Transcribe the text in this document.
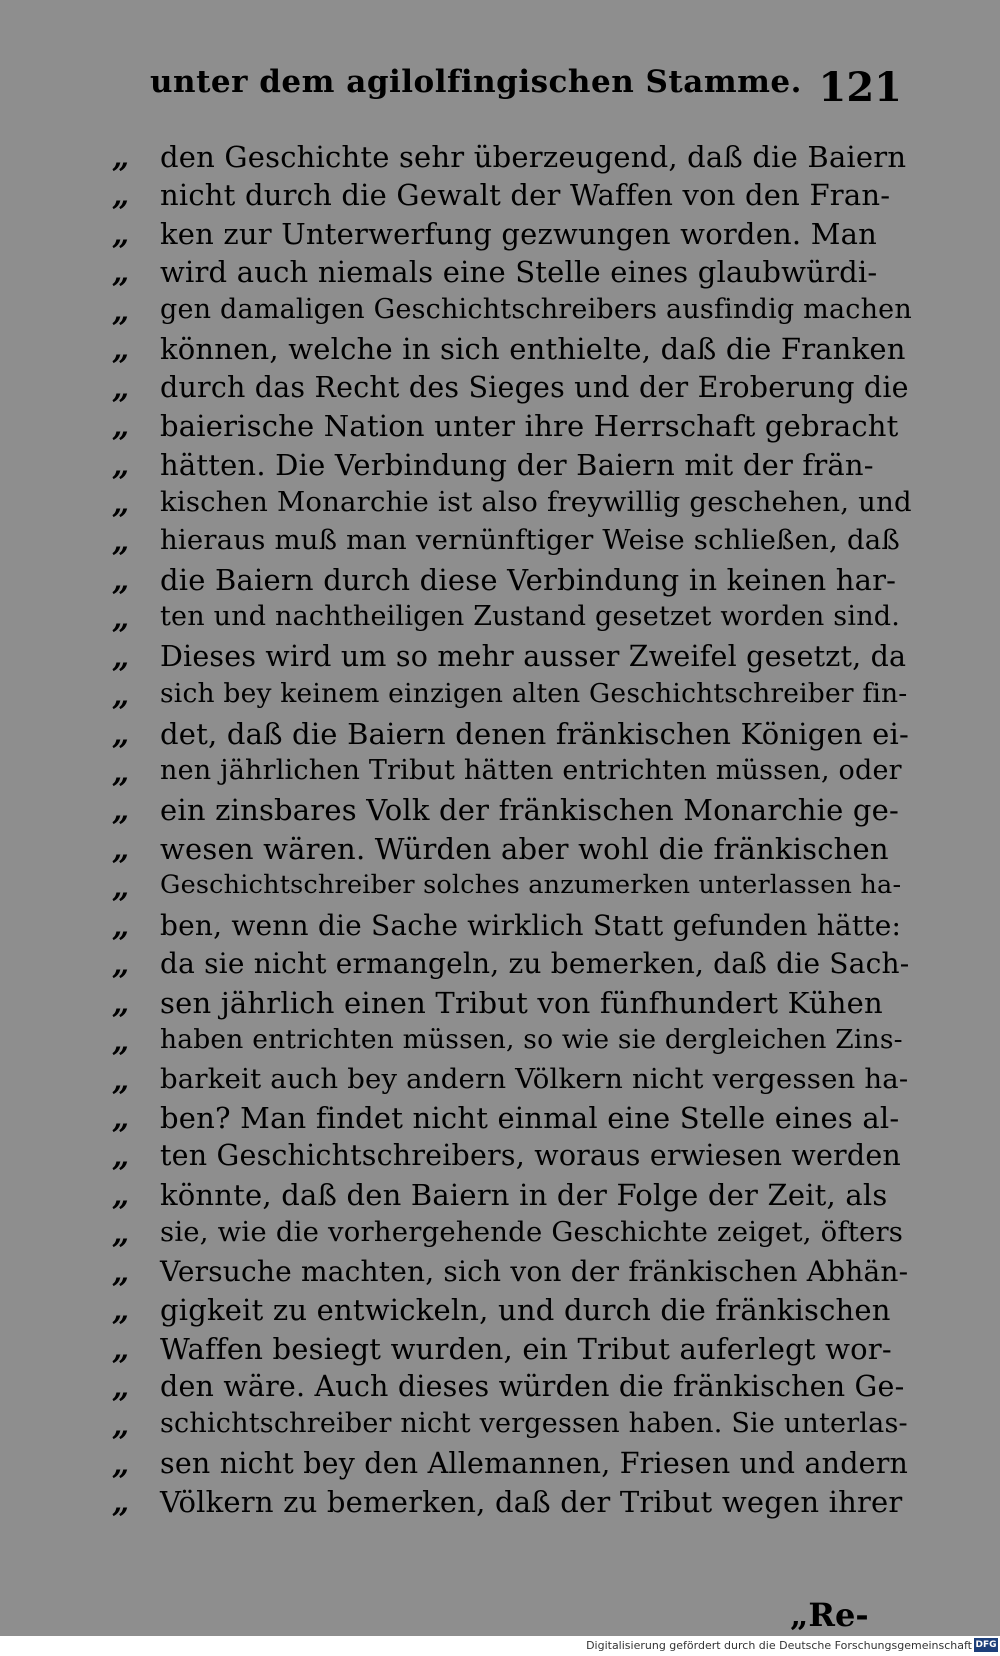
unter dem agilolfingischen Stamme. 121
„	den Geschichte sehr überzeugend, daß die Baiern
„	nicht durch die Gewalt der Waffen von den Fran-
„	ken zur Unterwerfung gezwungen worden. Man
„	wird auch niemals eine Stelle eines glaubwürdi-
„	gen damaligen Geschichtschreibers ausfindig machen
„	können, welche in sich enthielte, daß die Franken
„	durch das Recht des Sieges und der Eroberung die
„	baierische Nation unter ihre Herrschaft gebracht
„	hätten. Die Verbindung der Baiern mit der frän-
„	kischen Monarchie ist also freywillig geschehen, und
„	hieraus muß man vernünftiger Weise schließen, daß
„	die Baiern durch diese Verbindung in keinen har-
„	ten und nachtheiligen Zustand gesetzet worden sind.
„	Dieses wird um so mehr ausser Zweifel gesetzt, da
„	sich bey keinem einzigen alten Geschichtschreiber fin-
„	det, daß die Baiern denen fränkischen Königen ei-
„	nen jährlichen Tribut hätten entrichten müssen, oder
„	ein zinsbares Volk der fränkischen Monarchie ge-
„	wesen wären. Würden aber wohl die fränkischen
„	Geschichtschreiber solches anzumerken unterlassen ha-
„	ben, wenn die Sache wirklich Statt gefunden hätte:
„	da sie nicht ermangeln, zu bemerken, daß die Sach-
„	sen jährlich einen Tribut von fünfhundert Kühen
„	haben entrichten müssen, so wie sie dergleichen Zins-
„	barkeit auch bey andern Völkern nicht vergessen ha-
„	ben? Man findet nicht einmal eine Stelle eines al-
„	ten Geschichtschreibers, woraus erwiesen werden
„	könnte, daß den Baiern in der Folge der Zeit, als
„	sie, wie die vorhergehende Geschichte zeiget, öfters
„	Versuche machten, sich von der fränkischen Abhän-
„	gigkeit zu entwickeln, und durch die fränkischen
„	Waffen besiegt wurden, ein Tribut auferlegt wor-
„	den wäre. Auch dieses würden die fränkischen Ge-
„	schichtschreiber nicht vergessen haben. Sie unterlas-
„	sen nicht bey den Allemannen, Friesen und andern
„	Völkern zu bemerken, daß der Tribut wegen ihrer
„Re-
Digitalisierung gefördert durch die Deutsche Forschungsgemeinschaft DFG
